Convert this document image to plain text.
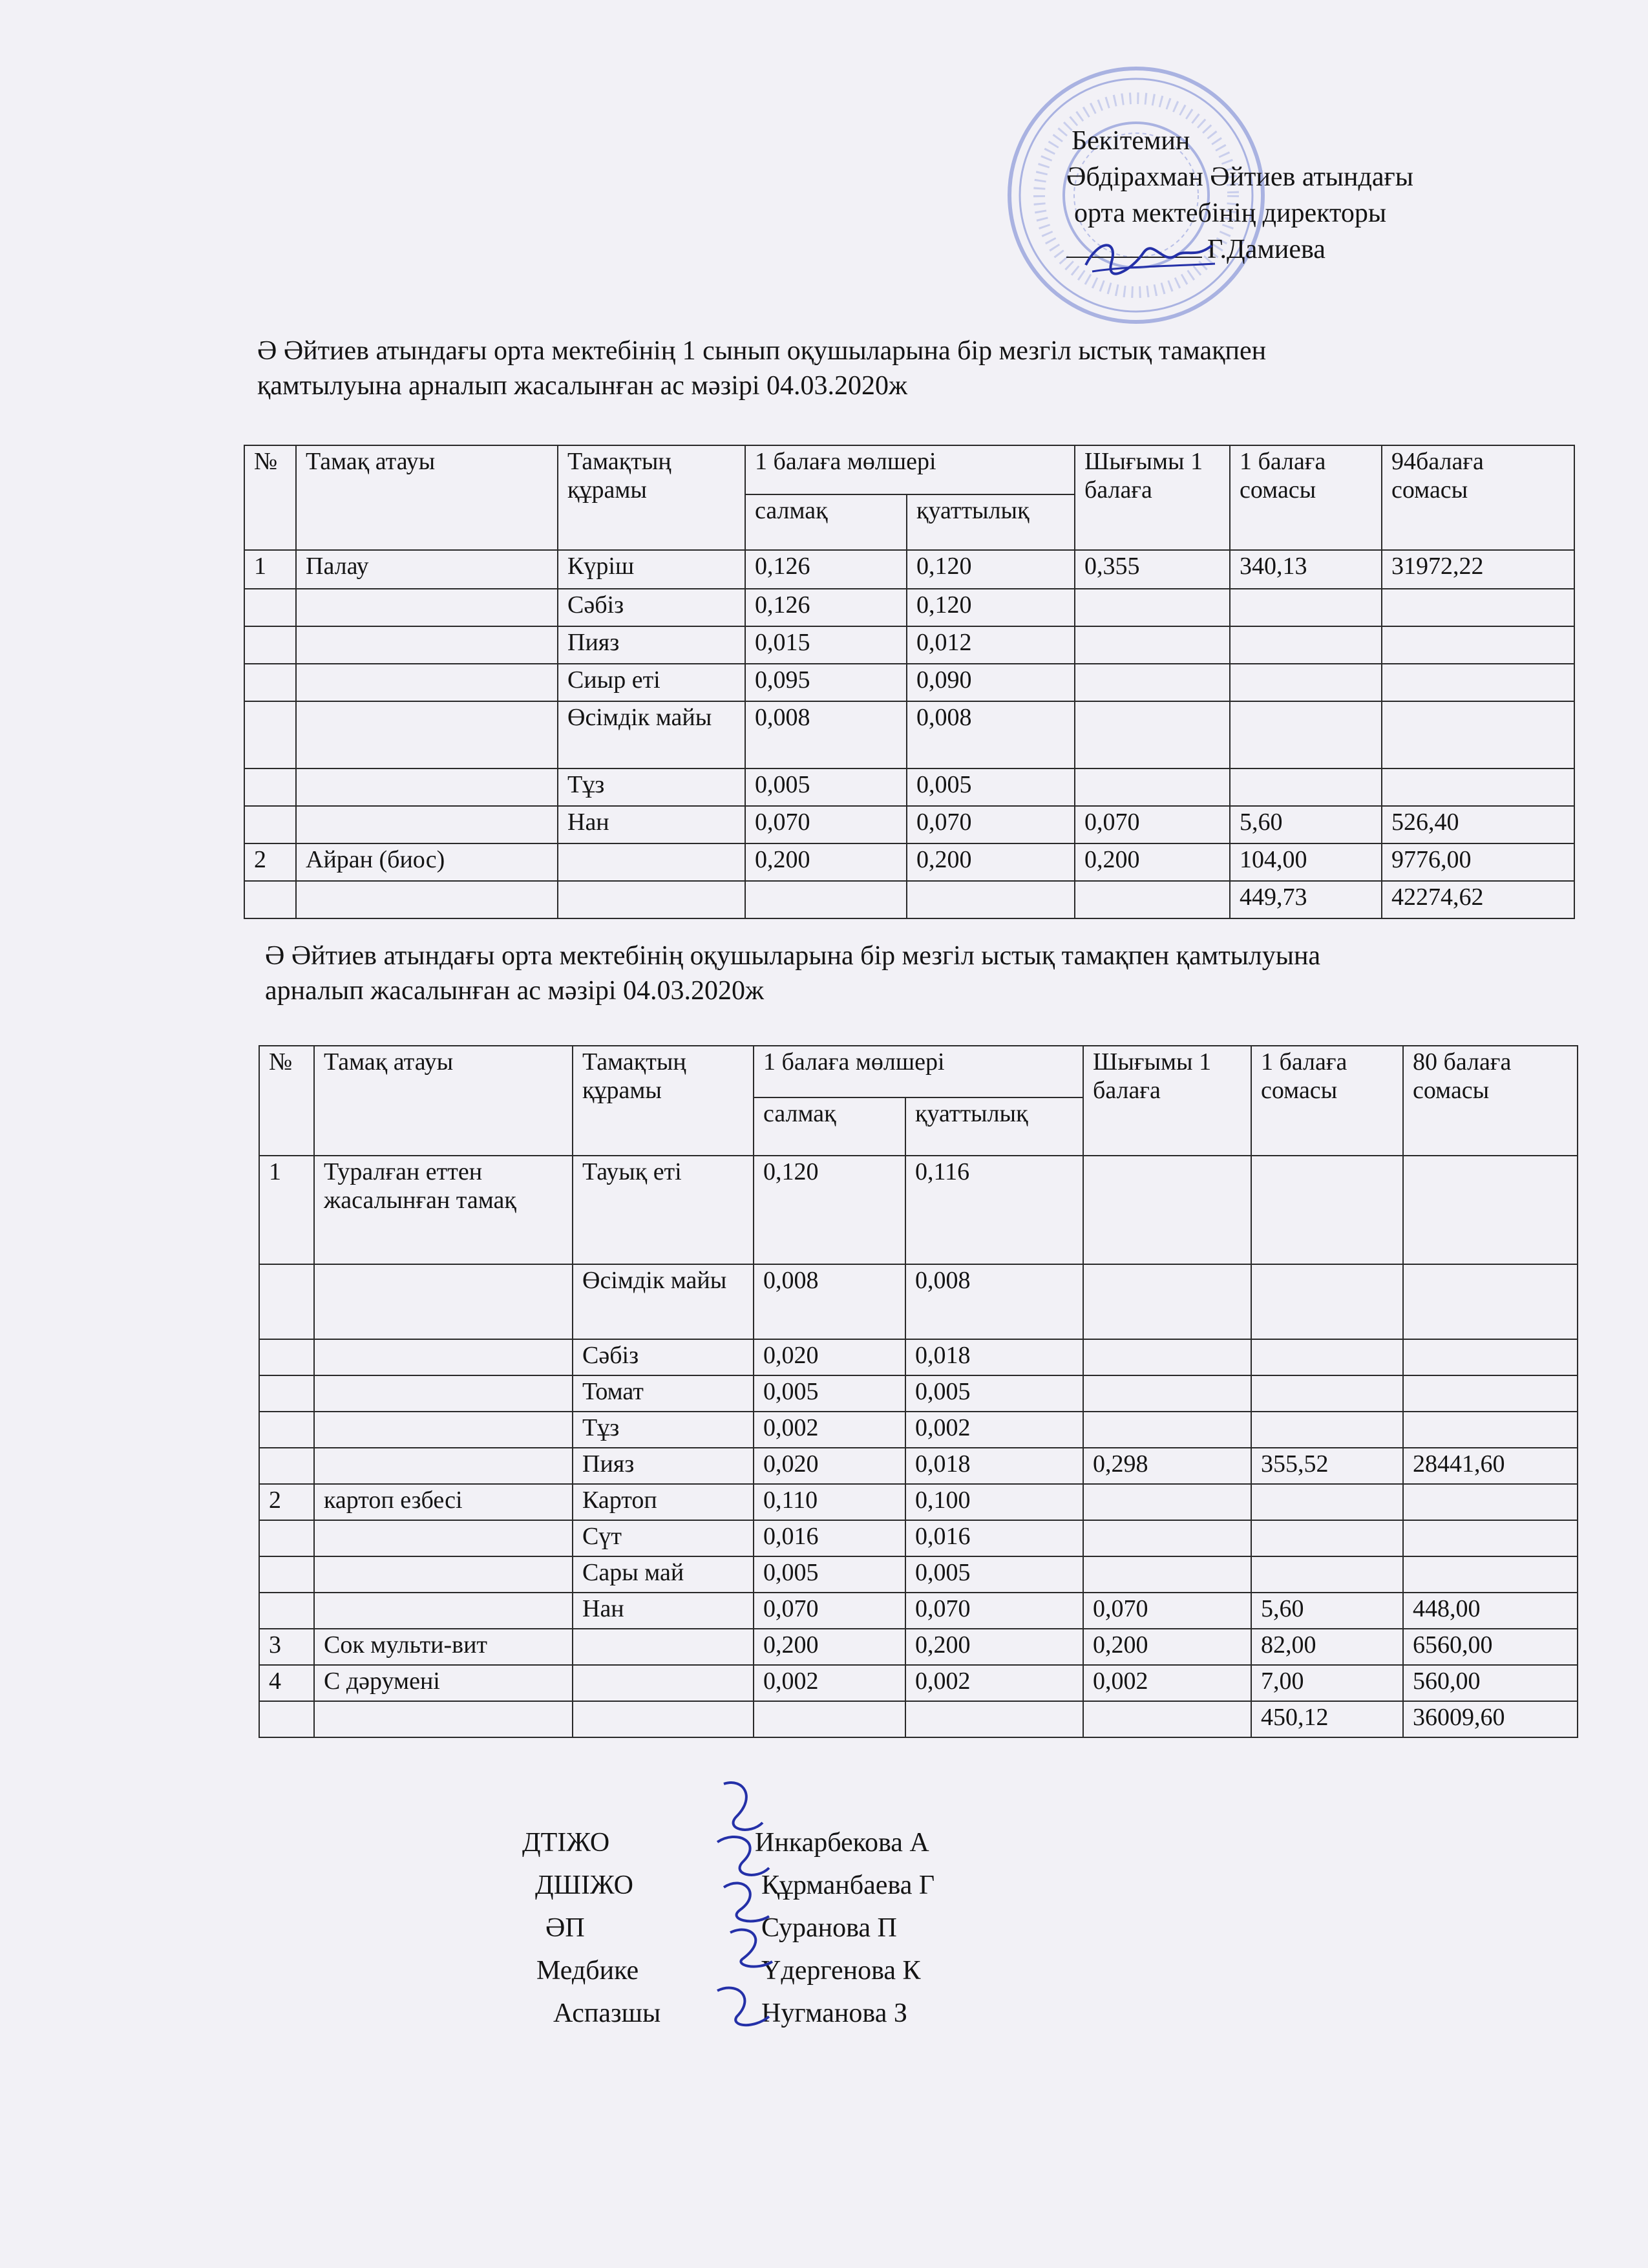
Бекітемин
Әбдірахман Әйтиев атындағы
орта мектебінің директоры
Г.Дамиева
Ә Әйтиев атындағы орта мектебінің 1 сынып оқушыларына бір мезгіл ыстық тамақпен
қамтылуына арналып жасалынған ас мәзірі 04.03.2020ж
№	Тамақ атауы	Тамақтың құрамы	1 балаға мөлшері		Шығымы 1 балаға	1 балаға сомасы	94балаға сомасы
			салмақ	қуаттылық			
1	Палау	Күріш	0,126	0,120	0,355	340,13	31972,22
		Сәбіз	0,126	0,120			
		Пияз	0,015	0,012			
		Сиыр еті	0,095	0,090			
		Өсімдік майы	0,008	0,008			
		Тұз	0,005	0,005			
		Нан	0,070	0,070	0,070	5,60	526,40
2	Айран (биос)		0,200	0,200	0,200	104,00	9776,00
						449,73	42274,62
Ә Әйтиев атындағы орта мектебінің оқушыларына бір мезгіл ыстық тамақпен қамтылуына
арналып жасалынған ас мәзірі 04.03.2020ж
№	Тамақ атауы	Тамақтың құрамы	1 балаға мөлшері		Шығымы 1 балаға	1 балаға сомасы	80 балаға сомасы
			салмақ	қуаттылық			
1	Туралған еттен жасалынған тамақ	Тауық еті	0,120	0,116			
		Өсімдік майы	0,008	0,008			
		Сәбіз	0,020	0,018			
		Томат	0,005	0,005			
		Тұз	0,002	0,002			
		Пияз	0,020	0,018	0,298	355,52	28441,60
2	картоп езбесі	Картоп	0,110	0,100			
		Сүт	0,016	0,016			
		Сары май	0,005	0,005			
		Нан	0,070	0,070	0,070	5,60	448,00
3	Сок мульти-вит		0,200	0,200	0,200	82,00	6560,00
4	С дәрумені		0,002	0,002	0,002	7,00	560,00
						450,12	36009,60
ДТІЖО	Инкарбекова А
ДШІЖО	Құрманбаева Г
ӘП	Суранова П
Медбике	Үдергенова К
Аспазшы	Нугманова З
